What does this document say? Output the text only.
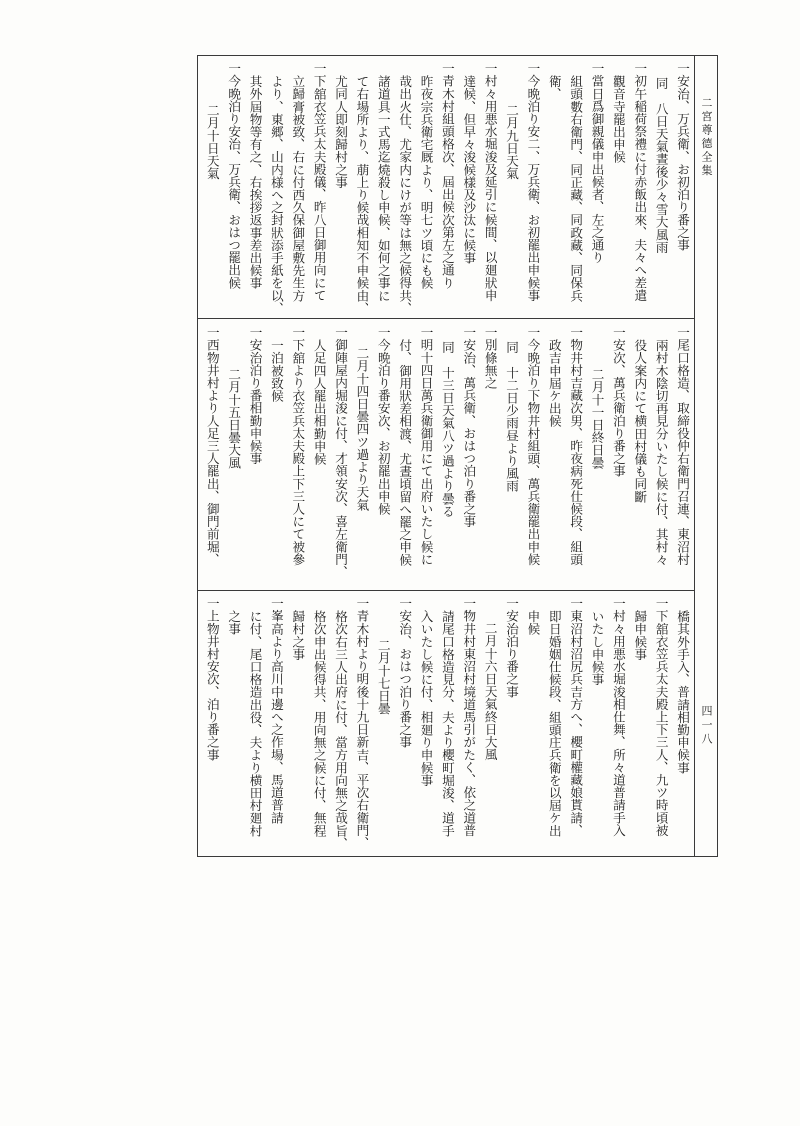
二宮尊德全集
四一八
一安治、万兵衛、お初泊り番之事
同　八日天氣晝後少々雪大風雨
一初午稲荷祭禮に付赤飯出來、夫々へ差遣
觀音寺罷出申候
一當日爲御親儀申出候者、左之通り
組頭數右衛門、同正藏、同政藏、同保兵
衛、
一今晩泊り安二、万兵衛、お初罷出申候事
二月九日天氣
一村々用悪水堀浚及延引に候間、以廻狀申
達候、但早々浚候樣及沙汰に候事
一青木村組頭格次、屆出候次第左之通り
昨夜宗兵衛宅厩より、明七ツ頃にも候
哉出火仕、尤家内にけが等は無之候得共、
諸道具一式馬迄燒殺し申候、如何之事に
て右場所より、萠上り候哉相知不申候由、
尤同人即刻歸村之事
一下舘衣笠兵太夫殿儀、昨八日御用向にて
立歸膏被致、右に付西久保御屋敷先生方
より、東郷、山内様へ之封狀添手紙を以、
其外屆物等有之、右挨拶返事差出候事
一今晩泊り安治、万兵衛、おはつ罷出候
二月十日天氣
一尾口格造、取締役仲右衛門召連、東沼村
兩村木陰切再見分いたし候に付、其村々
役人案内にて横田村儀も同斷
一安次、萬兵衛泊り番之事
二月十一日終日曇
一物井村吉藏次男、昨夜病死仕候段、組頭
政吉申屆ケ出候
一今晩泊り下物井村組頭、萬兵衛罷出申候
同　十二日少雨昼より風雨
一別條無之
一安治、萬兵衛、おはつ泊り番之事
同　十三日天氣八ツ過より曇る
一明十四日萬兵衛御用にて出府いたし候に
付、御用狀差相渡、尤晝頃留へ罷之申候
一今晩泊り番安次、お初罷出申候
二月十四日曇四ツ過より天氣
一御陣屋内堀浚に付、才領安次、喜左衛門、
人足四人罷出相勤申候
一下舘より衣笠兵太夫殿上下三人にて被參
一泊被致候
一安治泊り番相勤申候事
二月十五日曇大風
一西物井村より人足三人罷出、御門前堀、
橋其外手入、普請相勤申候事
一下舘衣笠兵太夫殿上下三人、九ツ時頃被
歸申候事
一村々用悪水堀浚相仕舞、所々道普請手入
いたし申候事
一東沼村沼尻兵吉方へ、櫻町權藏娘貰請、
即日婚姻仕候段、組頭庄兵衛を以屆ケ出
申候
一安治泊り番之事
二月十六日天氣終日大風
一物井村東沼村境道馬引がたく、依之道普
請尾口格造見分、夫より櫻町堀浚、道手
入いたし候に付、相廻り申候事
一安治、おはつ泊り番之事
二月十七日曇
一青木村より明後十九日新吉、平次右衛門、
格次右三人出府に付、當方用向無之哉旨、
格次申出候得共、用向無之候に付、無程
歸村之事
一峯高より高川中邊へ之作場、馬道普請
に付、尾口格造出役、夫より横田村廻村
之事
一上物井村安次、泊り番之事
